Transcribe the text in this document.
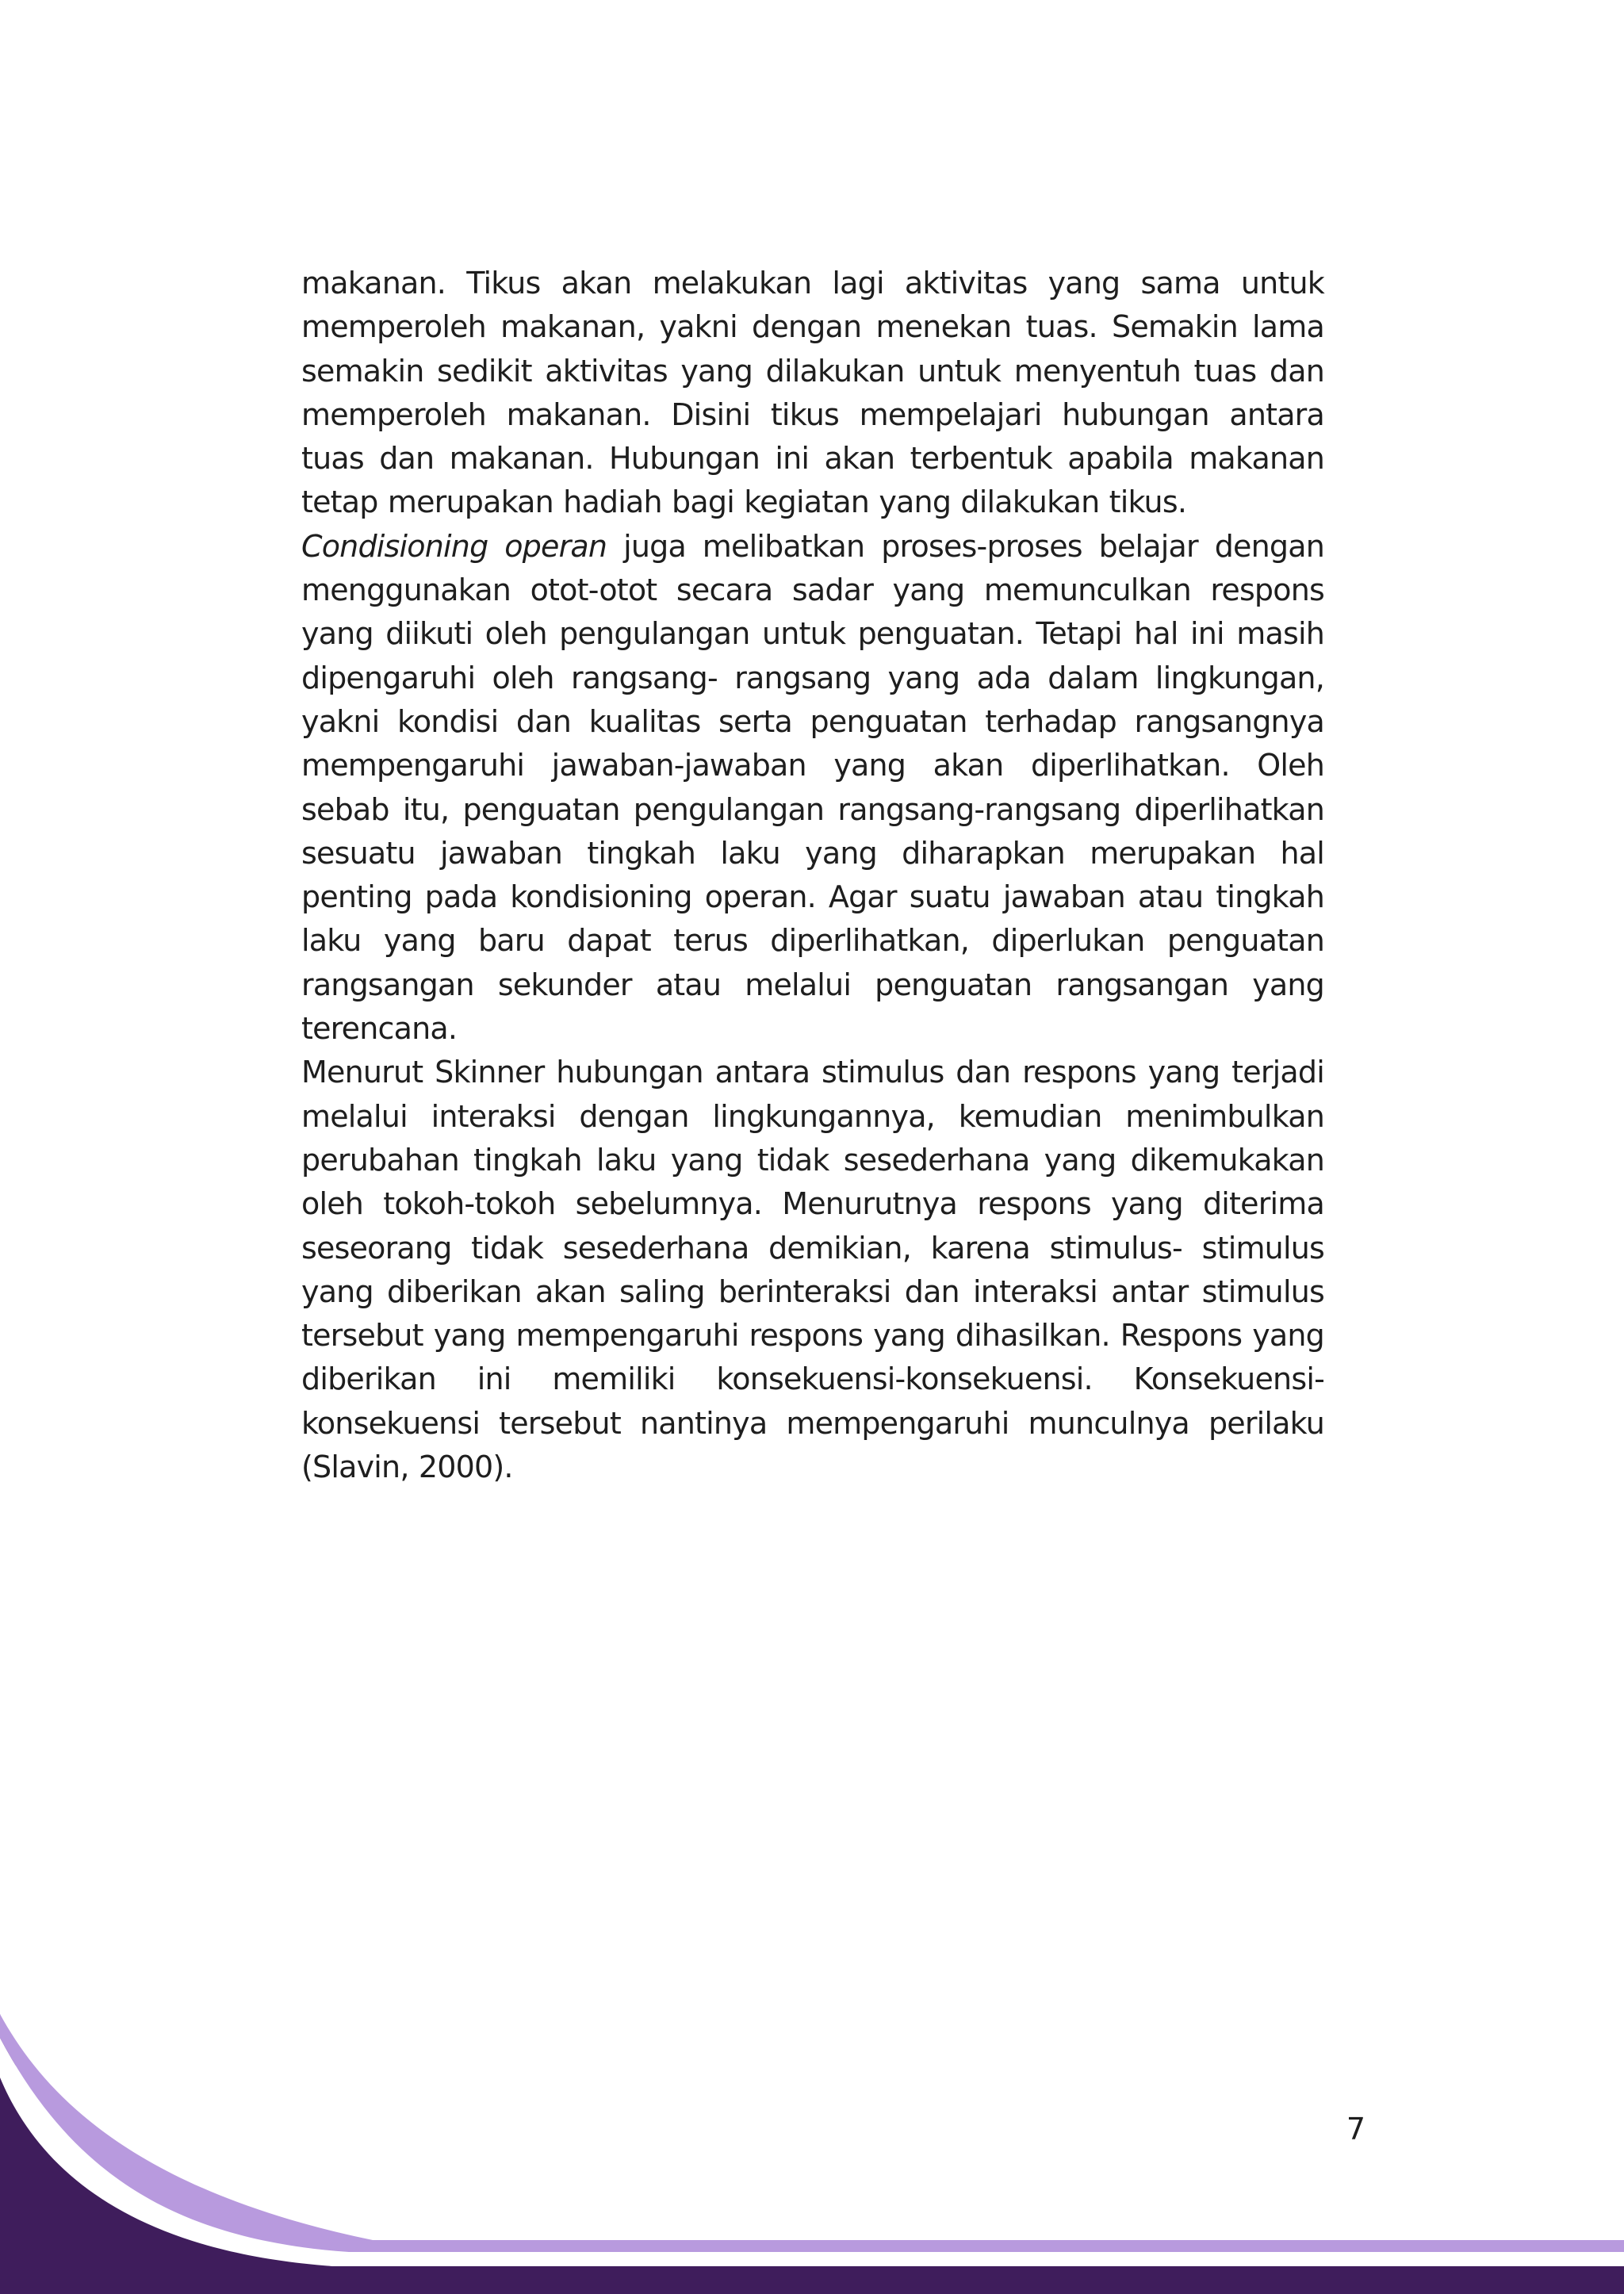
makanan. Tikus akan melakukan lagi aktivitas yang sama untuk memperoleh makanan, yakni dengan menekan tuas. Semakin lama semakin sedikit aktivitas yang dilakukan untuk menyentuh tuas dan memperoleh makanan. Disini tikus mempelajari hubungan antara tuas dan makanan. Hubungan ini akan terbentuk apabila makanan tetap merupakan hadiah bagi kegiatan yang dilakukan tikus.

Condisioning operan juga melibatkan proses-proses belajar dengan menggunakan otot-otot secara sadar yang memunculkan respons yang diikuti oleh pengulangan untuk penguatan. Tetapi hal ini masih dipengaruhi oleh rangsang- rangsang yang ada dalam lingkungan, yakni kondisi dan kualitas serta penguatan terhadap rangsangnya mempengaruhi jawaban-jawaban yang akan diperlihatkan. Oleh sebab itu, penguatan pengulangan rangsang-rangsang diperlihatkan sesuatu jawaban tingkah laku yang diharapkan merupakan hal penting pada kondisioning operan. Agar suatu jawaban atau tingkah laku yang baru dapat terus diperlihatkan, diperlukan penguatan rangsangan sekunder atau melalui penguatan rangsangan yang terencana.

Menurut Skinner hubungan antara stimulus dan respons yang terjadi melalui interaksi dengan lingkungannya, kemudian menimbulkan perubahan tingkah laku yang tidak sesederhana yang dikemukakan oleh tokoh-tokoh sebelumnya. Menurutnya respons yang diterima seseorang tidak sesederhana demikian, karena stimulus- stimulus yang diberikan akan saling berinteraksi dan interaksi antar stimulus tersebut yang mempengaruhi respons yang dihasilkan. Respons yang diberikan ini memiliki konsekuensi-konsekuensi. Konsekuensi-konsekuensi tersebut nantinya mempengaruhi munculnya perilaku (Slavin, 2000).

7
